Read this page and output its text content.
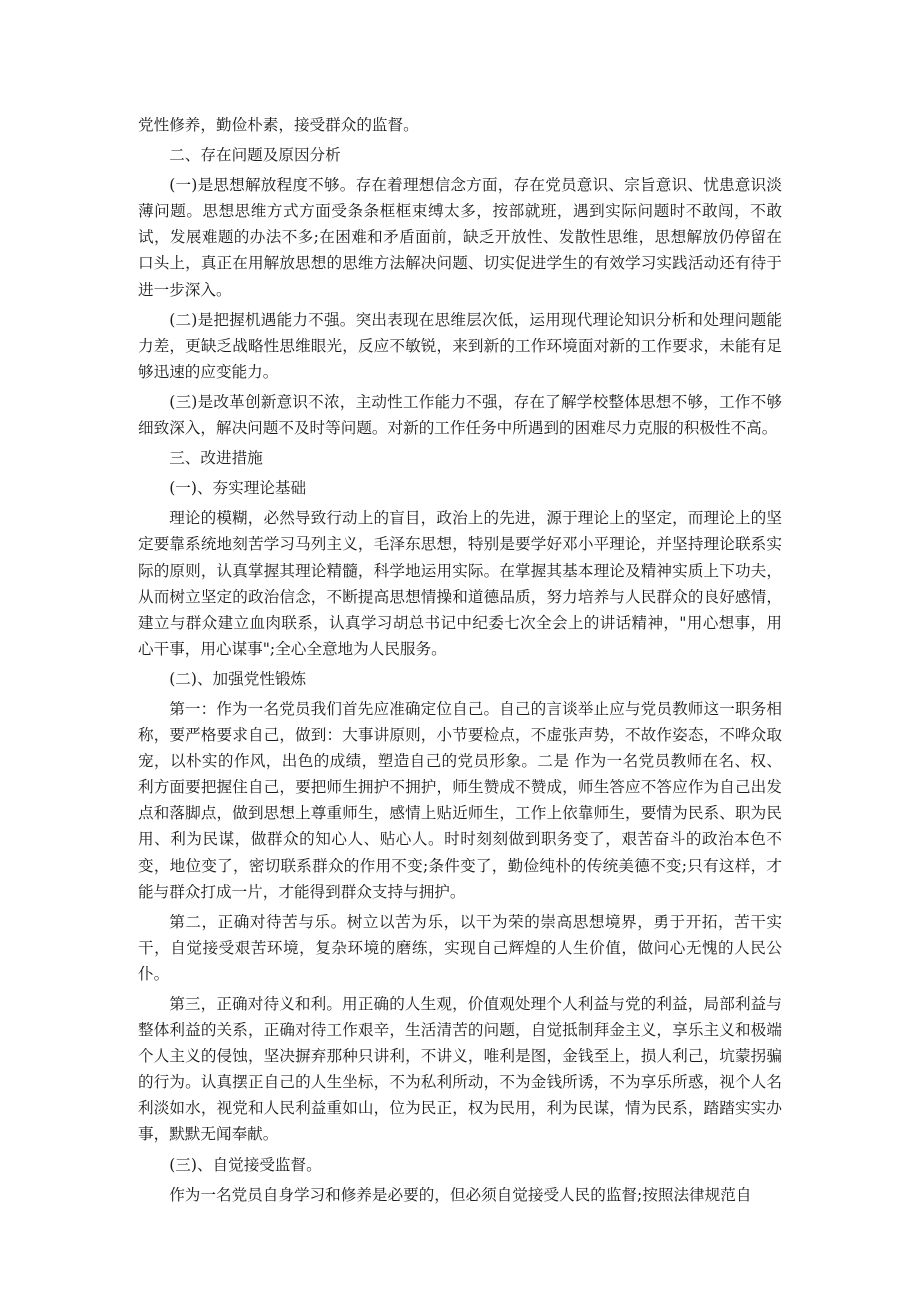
党性修养，勤俭朴素，接受群众的监督。

二、存在问题及原因分析

(一)是思想解放程度不够。存在着理想信念方面，存在党员意识、宗旨意识、忧患意识淡薄问题。思想思维方式方面受条条框框束缚太多，按部就班，遇到实际问题时不敢闯，不敢试，发展难题的办法不多;在困难和矛盾面前，缺乏开放性、发散性思维，思想解放仍停留在口头上，真正在用解放思想的思维方法解决问题、切实促进学生的有效学习实践活动还有待于进一步深入。

(二)是把握机遇能力不强。突出表现在思维层次低，运用现代理论知识分析和处理问题能力差，更缺乏战略性思维眼光，反应不敏锐，来到新的工作环境面对新的工作要求，未能有足够迅速的应变能力。

(三)是改革创新意识不浓，主动性工作能力不强，存在了解学校整体思想不够，工作不够细致深入，解决问题不及时等问题。对新的工作任务中所遇到的困难尽力克服的积极性不高。

三、改进措施

(一)、夯实理论基础

理论的模糊，必然导致行动上的盲目，政治上的先进，源于理论上的坚定，而理论上的坚定要靠系统地刻苦学习马列主义，毛泽东思想，特别是要学好邓小平理论，并坚持理论联系实际的原则，认真掌握其理论精髓，科学地运用实际。在掌握其基本理论及精神实质上下功夫，从而树立坚定的政治信念，不断提高思想情操和道德品质，努力培养与人民群众的良好感情，建立与群众建立血肉联系，认真学习胡总书记中纪委七次全会上的讲话精神，"用心想事，用心干事，用心谋事";全心全意地为人民服务。

(二)、加强党性锻炼

第一：作为一名党员我们首先应准确定位自己。自己的言谈举止应与党员教师这一职务相称，要严格要求自己，做到：大事讲原则，小节要检点，不虚张声势，不故作姿态，不哗众取宠，以朴实的作风，出色的成绩，塑造自己的党员形象。二是 作为一名党员教师在名、权、利方面要把握住自己，要把师生拥护不拥护，师生赞成不赞成，师生答应不答应作为自己出发点和落脚点，做到思想上尊重师生，感情上贴近师生，工作上依靠师生，要情为民系、职为民用、利为民谋，做群众的知心人、贴心人。时时刻刻做到职务变了，艰苦奋斗的政治本色不变，地位变了，密切联系群众的作用不变;条件变了，勤俭纯朴的传统美德不变;只有这样，才能与群众打成一片，才能得到群众支持与拥护。

第二，正确对待苦与乐。树立以苦为乐，以干为荣的崇高思想境界，勇于开拓，苦干实干，自觉接受艰苦环境，复杂环境的磨练，实现自己辉煌的人生价值，做问心无愧的人民公仆。

第三，正确对待义和利。用正确的人生观，价值观处理个人利益与党的利益，局部利益与整体利益的关系，正确对待工作艰辛，生活清苦的问题，自觉抵制拜金主义，享乐主义和极端个人主义的侵蚀，坚决摒弃那种只讲利，不讲义，唯利是图，金钱至上，损人利己，坑蒙拐骗的行为。认真摆正自己的人生坐标，不为私利所动，不为金钱所诱，不为享乐所惑，视个人名利淡如水，视党和人民利益重如山，位为民正，权为民用，利为民谋，情为民系，踏踏实实办事，默默无闻奉献。

(三)、自觉接受监督。

作为一名党员自身学习和修养是必要的，但必须自觉接受人民的监督;按照法律规范自
